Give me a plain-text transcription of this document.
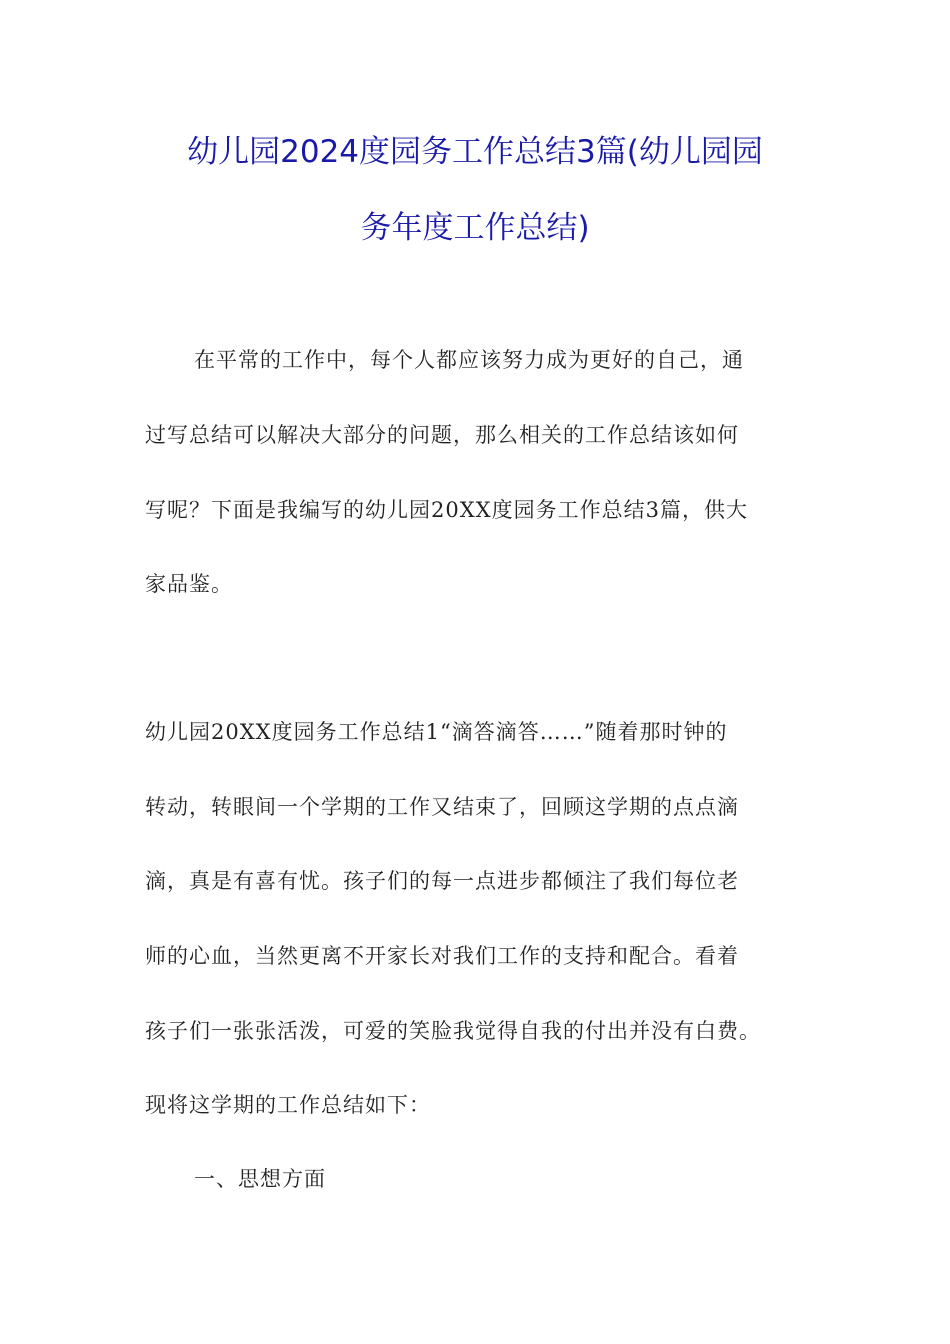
幼儿园2024度园务工作总结3篇(幼儿园园
务年度工作总结)
在平常的工作中，每个人都应该努力成为更好的自己，通
过写总结可以解决大部分的问题，那么相关的工作总结该如何
写呢？下面是我编写的幼儿园20XX度园务工作总结3篇，供大
家品鉴。
幼儿园20XX度园务工作总结1“滴答滴答……”随着那时钟的
转动，转眼间一个学期的工作又结束了，回顾这学期的点点滴
滴，真是有喜有忧。孩子们的每一点进步都倾注了我们每位老
师的心血，当然更离不开家长对我们工作的支持和配合。看着
孩子们一张张活泼，可爱的笑脸我觉得自我的付出并没有白费。
现将这学期的工作总结如下：
一、思想方面
